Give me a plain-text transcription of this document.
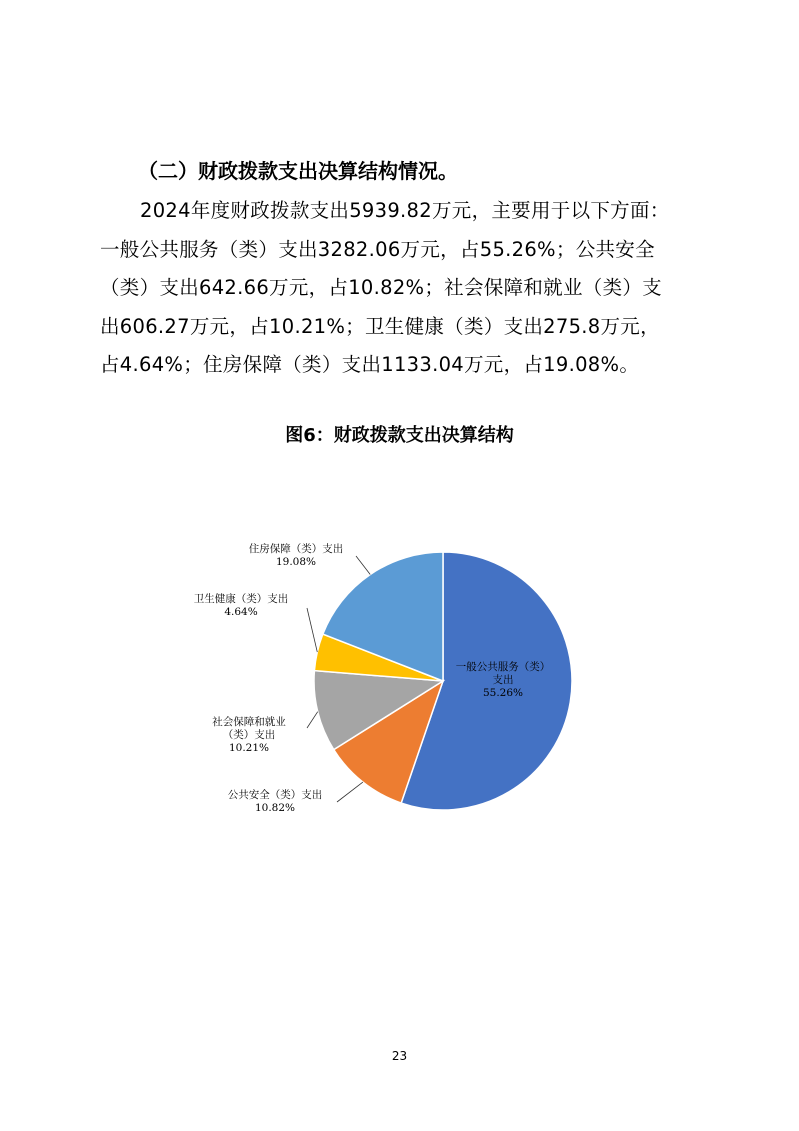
（二）财政拨款支出决算结构情况。
2024年度财政拨款支出5939.82万元，主要用于以下方面：
一般公共服务（类）支出3282.06万元，占55.26%；公共安全
（类）支出642.66万元，占10.82%；社会保障和就业（类）支
出606.27万元，占10.21%；卫生健康（类）支出275.8万元，
占4.64%；住房保障（类）支出1133.04万元，占19.08%。
图6：财政拨款支出决算结构
一般公共服务（类）
支出
55.26%
公共安全（类）支出
10.82%
社会保障和就业
（类）支出
10.21%
卫生健康（类）支出
4.64%
住房保障（类）支出
19.08%
23
